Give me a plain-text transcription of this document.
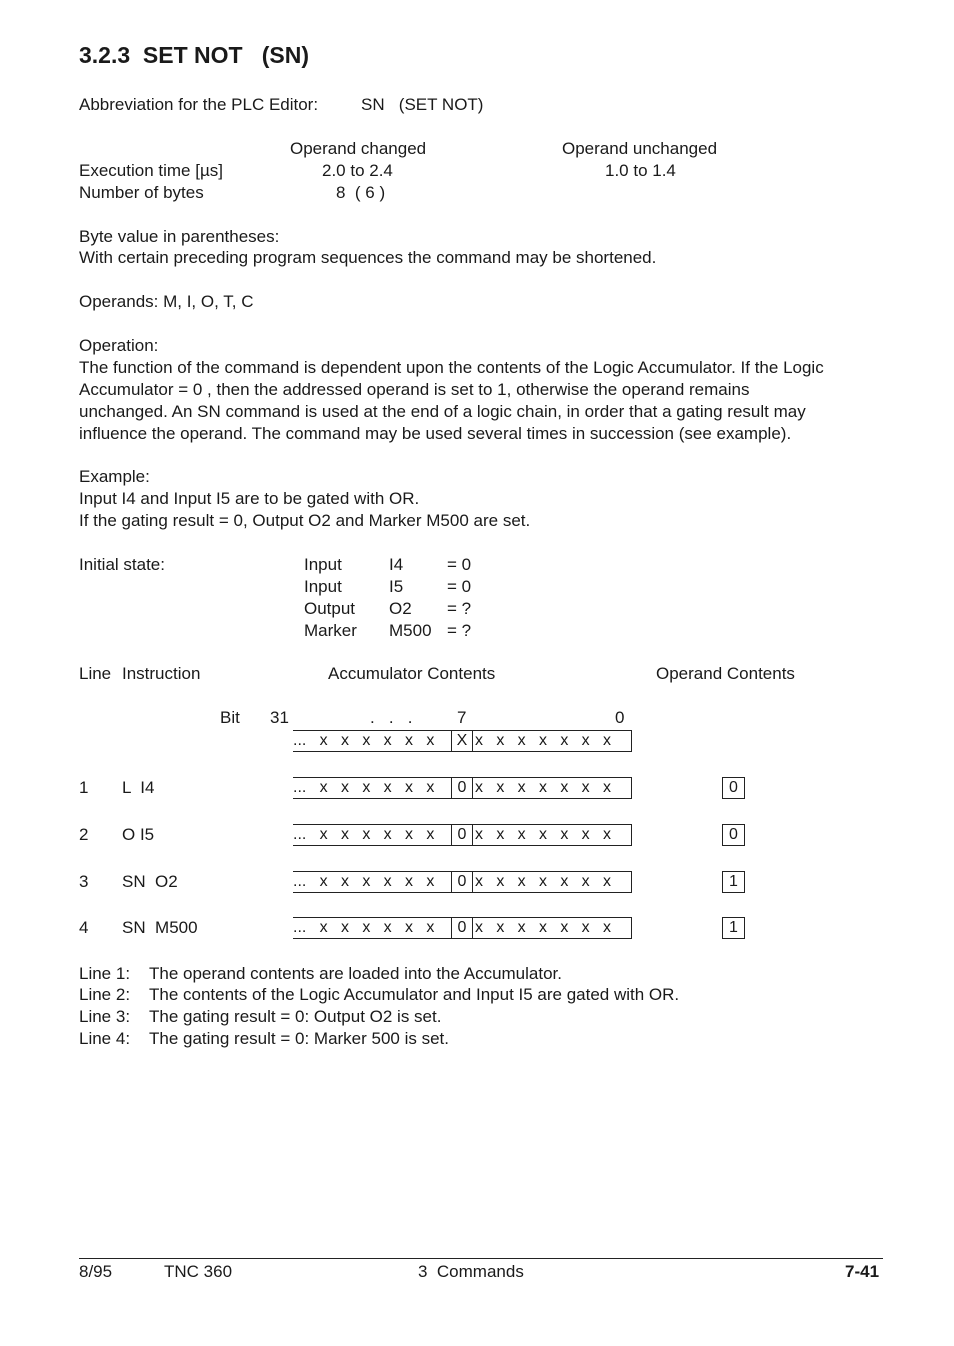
3.2.3  SET NOT   (SN)
Abbreviation for the PLC Editor:	SN   (SET NOT)
Operand changed	Operand unchanged
Execution time [µs]	2.0 to 2.4	1.0 to 1.4
Number of bytes	8  ( 6 )
Byte value in parentheses:
With certain preceding program sequences the command may be shortened.
Operands: M, I, O, T, C
Operation:
The function of the command is dependent upon the contents of the Logic Accumulator. If the Logic
Accumulator = 0 , then the addressed operand is set to 1, otherwise the operand remains
unchanged. An SN command is used at the end of a logic chain, in order that a gating result may
influence the operand. The command may be used several times in succession (see example).
Example:
Input I4 and Input I5 are to be gated with OR.
If the gating result = 0, Output O2 and Marker M500 are set.
Initial state:	Input	I4	= 0
Input	I5	= 0
Output O2 = ?
Marker M500 = ?
Line Instruction	Accumulator Contents	Operand Contents
Bit 31	.   .   .	7	0
...   x   x   x   x   x   x	X x   x   x   x   x   x   x
1 L  I4	...   x   x   x   x   x   x	0 x   x   x   x   x   x   x	0
2 O I5	...   x   x   x   x   x   x	0 x   x   x   x   x   x   x	0
3 SN  O2	...   x   x   x   x   x   x	0 x   x   x   x   x   x   x	1
4 SN  M500	...   x   x   x   x   x   x	0 x   x   x   x   x   x   x	1
Line 1: The operand contents are loaded into the Accumulator.
Line 2: The contents of the Logic Accumulator and Input I5 are gated with OR.
Line 3: The gating result = 0: Output O2 is set.
Line 4: The gating result = 0: Marker 500 is set.
8/95	TNC 360	3  Commands	7-41
